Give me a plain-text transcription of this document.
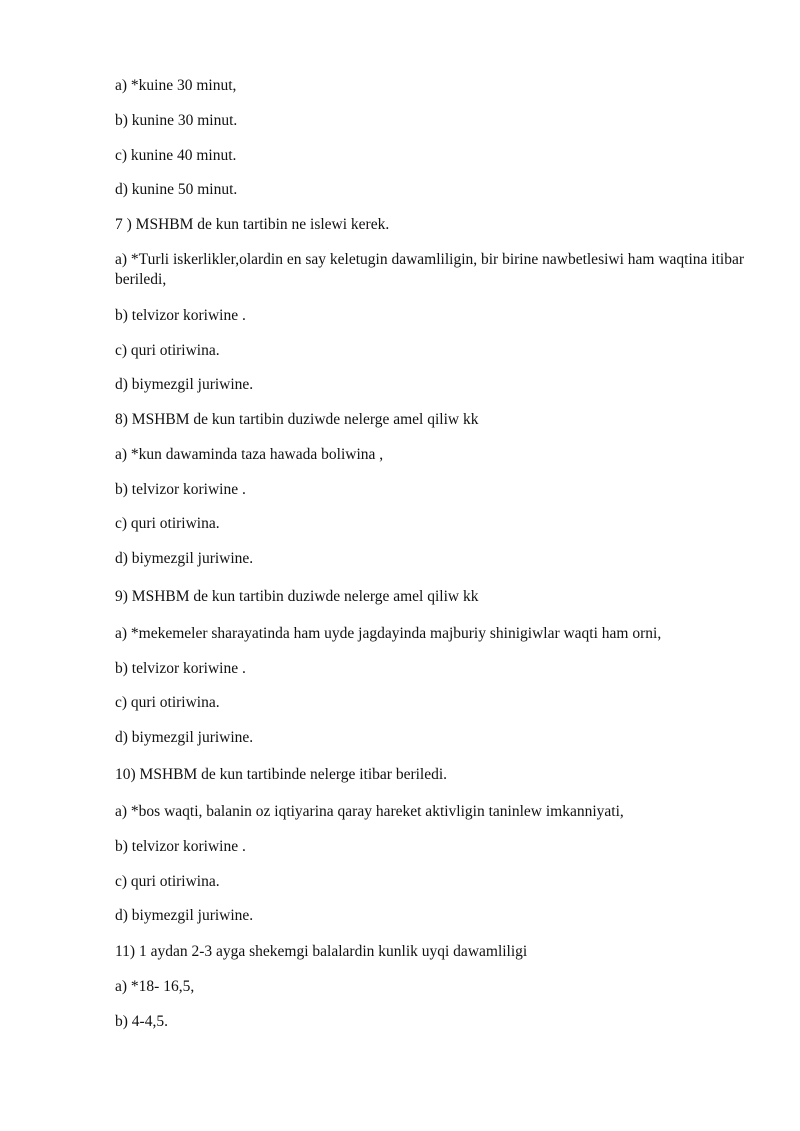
a) *kuine 30 minut,
b) kunine 30 minut.
c) kunine 40 minut.
d) kunine 50 minut.
7 ) MSHBM de kun tartibin ne islewi kerek.
a) *Turli iskerlikler,olardin en say keletugin dawamliligin, bir birine nawbetlesiwi ham waqtina itibar beriledi,
b) telvizor koriwine .
c) quri otiriwina.
d) biymezgil juriwine.
8) MSHBM de kun tartibin duziwde nelerge amel qiliw kk
a) *kun dawaminda taza hawada boliwina ,
b) telvizor koriwine .
c) quri otiriwina.
d) biymezgil juriwine.
9) MSHBM de kun tartibin duziwde nelerge amel qiliw kk
a) *mekemeler sharayatinda ham uyde jagdayinda majburiy shinigiwlar waqti ham orni,
b) telvizor koriwine .
c) quri otiriwina.
d) biymezgil juriwine.
10) MSHBM de kun tartibinde nelerge itibar beriledi.
a) *bos waqti, balanin oz iqtiyarina qaray hareket aktivligin taninlew imkanniyati,
b) telvizor koriwine .
c) quri otiriwina.
d) biymezgil juriwine.
11) 1 aydan 2-3 ayga shekemgi balalardin kunlik uyqi dawamliligi
a) *18- 16,5,
b) 4-4,5.
